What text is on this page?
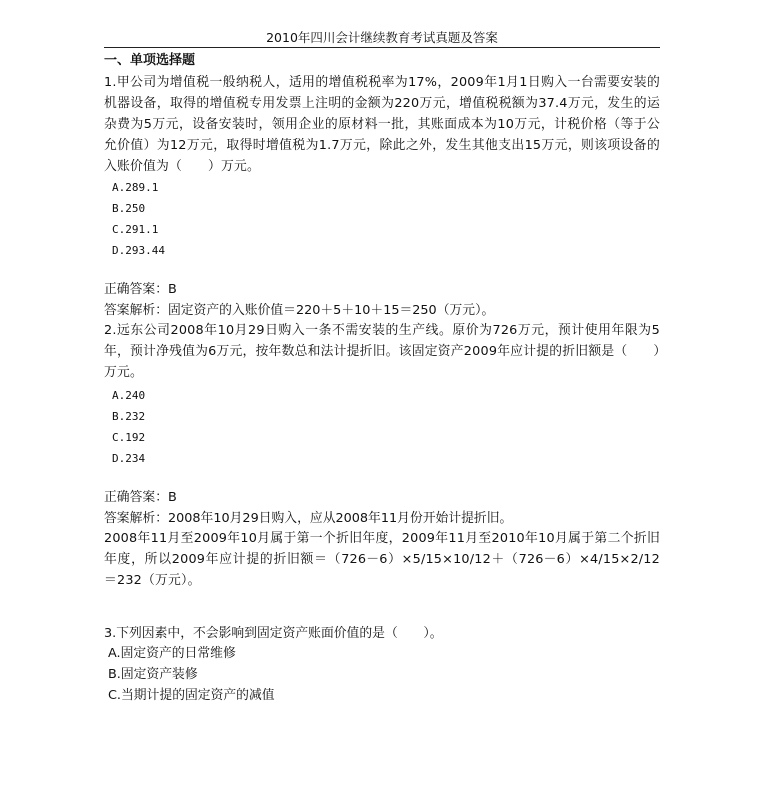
2010年四川会计继续教育考试真题及答案
一、单项选择题
1.甲公司为增值税一般纳税人，适用的增值税税率为17%，2009年1月1日购入一台需要安装的机器设备，取得的增值税专用发票上注明的金额为220万元，增值税税额为37.4万元，发生的运杂费为5万元，设备安装时，领用企业的原材料一批，其账面成本为10万元，计税价格（等于公允价值）为12万元，取得时增值税为1.7万元，除此之外，发生其他支出15万元，则该项设备的入账价值为（　　）万元。
A.289.1
B.250
C.291.1
D.293.44
正确答案：B
答案解析：固定资产的入账价值＝220＋5＋10＋15＝250（万元）。
2.远东公司2008年10月29日购入一条不需安装的生产线。原价为726万元，预计使用年限为5年，预计净残值为6万元，按年数总和法计提折旧。该固定资产2009年应计提的折旧额是（　　）万元。
A.240
B.232
C.192
D.234
正确答案：B
答案解析：2008年10月29日购入，应从2008年11月份开始计提折旧。
2008年11月至2009年10月属于第一个折旧年度，2009年11月至2010年10月属于第二个折旧年度，所以2009年应计提的折旧额＝（726－6）×5/15×10/12＋（726－6）×4/15×2/12＝232（万元）。
3.下列因素中，不会影响到固定资产账面价值的是（　　）。
A.固定资产的日常维修
B.固定资产装修
C.当期计提的固定资产的减值
